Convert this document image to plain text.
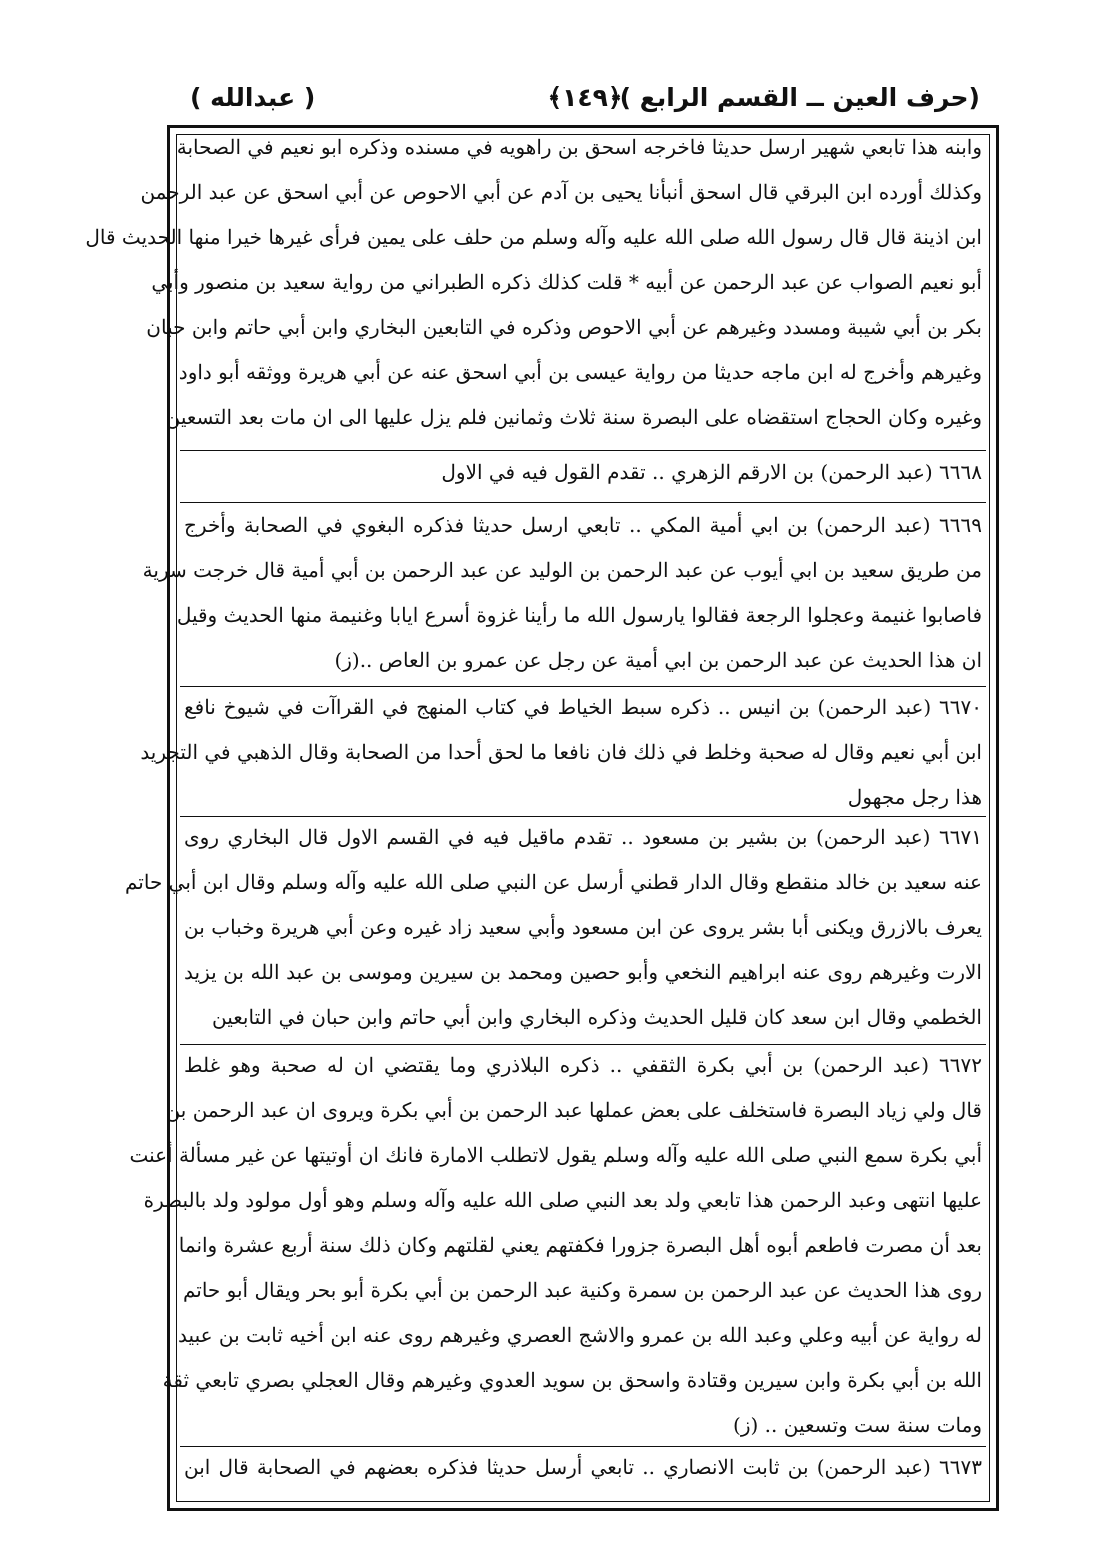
(حرف العين ــ القسم الرابع )
﴿١٤٩﴾
( عبدالله )
وابنه هذا تابعي شهير ارسل حديثا فاخرجه اسحق بن راهويه في مسنده وذكره ابو نعيم في الصحابة
وكذلك أورده ابن البرقي قال اسحق أنبأنا يحيى بن آدم عن أبي الاحوص عن أبي اسحق عن عبد الرحمن
ابن اذينة قال قال رسول الله صلى الله عليه وآله وسلم من حلف على يمين فرأى غيرها خيرا منها الحديث قال
أبو نعيم الصواب عن عبد الرحمن عن أبيه * قلت كذلك ذكره الطبراني من رواية سعيد بن منصور وأبي
بكر بن أبي شيبة ومسدد وغيرهم عن أبي الاحوص وذكره في التابعين البخاري وابن أبي حاتم وابن حبان
وغيرهم وأخرج له ابن ماجه حديثا من رواية عيسى بن أبي اسحق عنه عن أبي هريرة ووثقه أبو داود
وغيره وكان الحجاج استقضاه على البصرة سنة ثلاث وثمانين فلم يزل عليها الى ان مات بعد التسعين
٦٦٦٨ (عبد الرحمن) بن الارقم الزهري .. تقدم القول فيه في الاول
٦٦٦٩ (عبد الرحمن) بن ابي أمية المكي .. تابعي ارسل حديثا فذكره البغوي في الصحابة وأخرج
من طريق سعيد بن ابي أيوب عن عبد الرحمن بن الوليد عن عبد الرحمن بن أبي أمية قال خرجت سرية
فاصابوا غنيمة وعجلوا الرجعة فقالوا يارسول الله ما رأينا غزوة أسرع ايابا وغنيمة منها الحديث وقيل
ان هذا الحديث عن عبد الرحمن بن ابي أمية عن رجل عن عمرو بن العاص ..(ز)
٦٦٧٠ (عبد الرحمن) بن انيس .. ذكره سبط الخياط في كتاب المنهج في القراآت في شيوخ نافع
ابن أبي نعيم وقال له صحبة وخلط في ذلك فان نافعا ما لحق أحدا من الصحابة وقال الذهبي في التجريد
هذا رجل مجهول
٦٦٧١ (عبد الرحمن) بن بشير بن مسعود .. تقدم ماقيل فيه في القسم الاول قال البخاري روى
عنه سعيد بن خالد منقطع وقال الدار قطني أرسل عن النبي صلى الله عليه وآله وسلم وقال ابن أبي حاتم
يعرف بالازرق ويكنى أبا بشر يروى عن ابن مسعود وأبي سعيد زاد غيره وعن أبي هريرة وخباب بن
الارت وغيرهم روى عنه ابراهيم النخعي وأبو حصين ومحمد بن سيرين وموسى بن عبد الله بن يزيد
الخطمي وقال ابن سعد كان قليل الحديث وذكره البخاري وابن أبي حاتم وابن حبان في التابعين
٦٦٧٢ (عبد الرحمن) بن أبي بكرة الثقفي .. ذكره البلاذري وما يقتضي ان له صحبة وهو غلط
قال ولي زياد البصرة فاستخلف على بعض عملها عبد الرحمن بن أبي بكرة ويروى ان عبد الرحمن بن
أبي بكرة سمع النبي صلى الله عليه وآله وسلم يقول لاتطلب الامارة فانك ان أوتيتها عن غير مسألة أعنت
عليها انتهى وعبد الرحمن هذا تابعي ولد بعد النبي صلى الله عليه وآله وسلم وهو أول مولود ولد بالبصرة
بعد أن مصرت فاطعم أبوه أهل البصرة جزورا فكفتهم يعني لقلتهم وكان ذلك سنة أربع عشرة وانما
روى هذا الحديث عن عبد الرحمن بن سمرة وكنية عبد الرحمن بن أبي بكرة أبو بحر ويقال أبو حاتم
له رواية عن أبيه وعلي وعبد الله بن عمرو والاشج العصري وغيرهم روى عنه ابن أخيه ثابت بن عبيد
الله بن أبي بكرة وابن سيرين وقتادة واسحق بن سويد العدوي وغيرهم وقال العجلي بصري تابعي ثقة
ومات سنة ست وتسعين .. (ز)
٦٦٧٣ (عبد الرحمن) بن ثابت الانصاري .. تابعي أرسل حديثا فذكره بعضهم في الصحابة قال ابن
